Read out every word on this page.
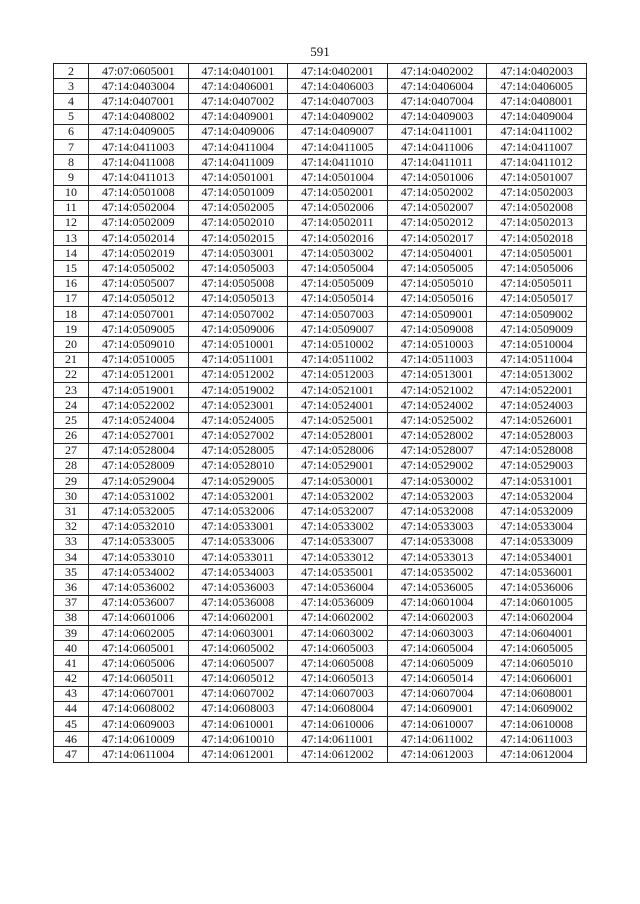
591
2	47:07:0605001	47:14:0401001	47:14:0402001	47:14:0402002	47:14:0402003
3	47:14:0403004	47:14:0406001	47:14:0406003	47:14:0406004	47:14:0406005
4	47:14:0407001	47:14:0407002	47:14:0407003	47:14:0407004	47:14:0408001
5	47:14:0408002	47:14:0409001	47:14:0409002	47:14:0409003	47:14:0409004
6	47:14:0409005	47:14:0409006	47:14:0409007	47:14:0411001	47:14:0411002
7	47:14:0411003	47:14:0411004	47:14:0411005	47:14:0411006	47:14:0411007
8	47:14:0411008	47:14:0411009	47:14:0411010	47:14:0411011	47:14:0411012
9	47:14:0411013	47:14:0501001	47:14:0501004	47:14:0501006	47:14:0501007
10	47:14:0501008	47:14:0501009	47:14:0502001	47:14:0502002	47:14:0502003
11	47:14:0502004	47:14:0502005	47:14:0502006	47:14:0502007	47:14:0502008
12	47:14:0502009	47:14:0502010	47:14:0502011	47:14:0502012	47:14:0502013
13	47:14:0502014	47:14:0502015	47:14:0502016	47:14:0502017	47:14:0502018
14	47:14:0502019	47:14:0503001	47:14:0503002	47:14:0504001	47:14:0505001
15	47:14:0505002	47:14:0505003	47:14:0505004	47:14:0505005	47:14:0505006
16	47:14:0505007	47:14:0505008	47:14:0505009	47:14:0505010	47:14:0505011
17	47:14:0505012	47:14:0505013	47:14:0505014	47:14:0505016	47:14:0505017
18	47:14:0507001	47:14:0507002	47:14:0507003	47:14:0509001	47:14:0509002
19	47:14:0509005	47:14:0509006	47:14:0509007	47:14:0509008	47:14:0509009
20	47:14:0509010	47:14:0510001	47:14:0510002	47:14:0510003	47:14:0510004
21	47:14:0510005	47:14:0511001	47:14:0511002	47:14:0511003	47:14:0511004
22	47:14:0512001	47:14:0512002	47:14:0512003	47:14:0513001	47:14:0513002
23	47:14:0519001	47:14:0519002	47:14:0521001	47:14:0521002	47:14:0522001
24	47:14:0522002	47:14:0523001	47:14:0524001	47:14:0524002	47:14:0524003
25	47:14:0524004	47:14:0524005	47:14:0525001	47:14:0525002	47:14:0526001
26	47:14:0527001	47:14:0527002	47:14:0528001	47:14:0528002	47:14:0528003
27	47:14:0528004	47:14:0528005	47:14:0528006	47:14:0528007	47:14:0528008
28	47:14:0528009	47:14:0528010	47:14:0529001	47:14:0529002	47:14:0529003
29	47:14:0529004	47:14:0529005	47:14:0530001	47:14:0530002	47:14:0531001
30	47:14:0531002	47:14:0532001	47:14:0532002	47:14:0532003	47:14:0532004
31	47:14:0532005	47:14:0532006	47:14:0532007	47:14:0532008	47:14:0532009
32	47:14:0532010	47:14:0533001	47:14:0533002	47:14:0533003	47:14:0533004
33	47:14:0533005	47:14:0533006	47:14:0533007	47:14:0533008	47:14:0533009
34	47:14:0533010	47:14:0533011	47:14:0533012	47:14:0533013	47:14:0534001
35	47:14:0534002	47:14:0534003	47:14:0535001	47:14:0535002	47:14:0536001
36	47:14:0536002	47:14:0536003	47:14:0536004	47:14:0536005	47:14:0536006
37	47:14:0536007	47:14:0536008	47:14:0536009	47:14:0601004	47:14:0601005
38	47:14:0601006	47:14:0602001	47:14:0602002	47:14:0602003	47:14:0602004
39	47:14:0602005	47:14:0603001	47:14:0603002	47:14:0603003	47:14:0604001
40	47:14:0605001	47:14:0605002	47:14:0605003	47:14:0605004	47:14:0605005
41	47:14:0605006	47:14:0605007	47:14:0605008	47:14:0605009	47:14:0605010
42	47:14:0605011	47:14:0605012	47:14:0605013	47:14:0605014	47:14:0606001
43	47:14:0607001	47:14:0607002	47:14:0607003	47:14:0607004	47:14:0608001
44	47:14:0608002	47:14:0608003	47:14:0608004	47:14:0609001	47:14:0609002
45	47:14:0609003	47:14:0610001	47:14:0610006	47:14:0610007	47:14:0610008
46	47:14:0610009	47:14:0610010	47:14:0611001	47:14:0611002	47:14:0611003
47	47:14:0611004	47:14:0612001	47:14:0612002	47:14:0612003	47:14:0612004
